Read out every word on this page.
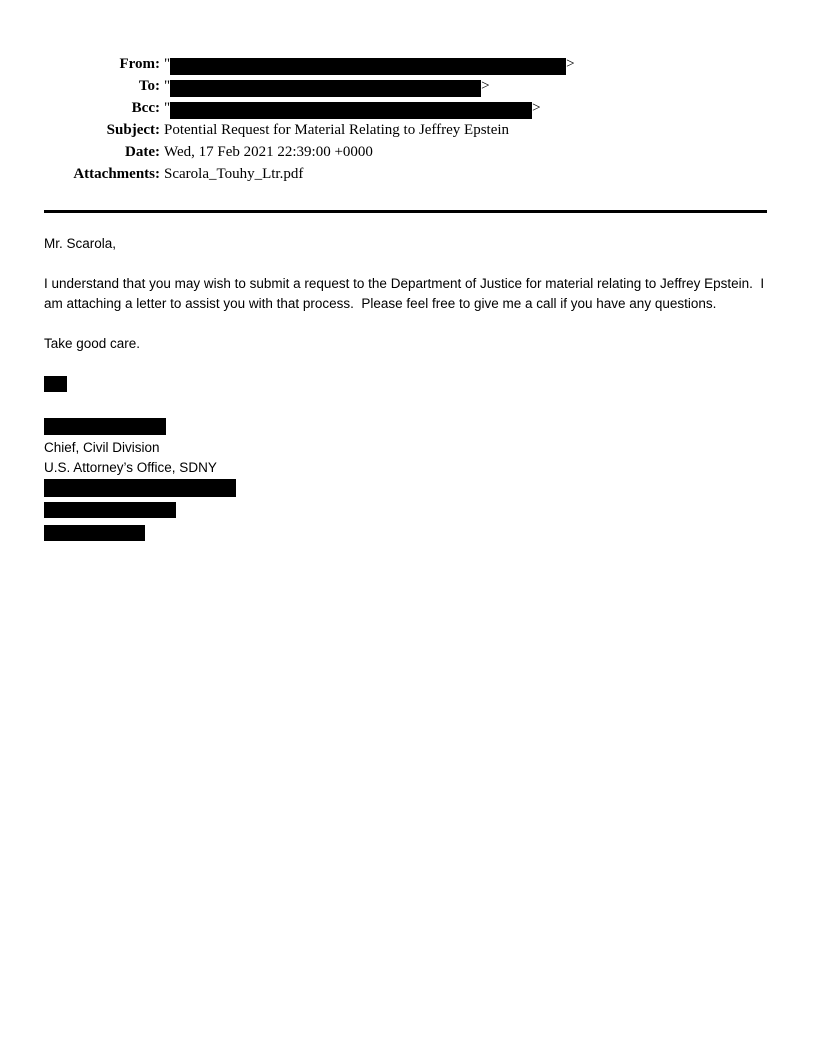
From: "	>
To: "	>
Bcc: "	>
Subject: Potential Request for Material Relating to Jeffrey Epstein
Date: Wed, 17 Feb 2021 22:39:00 +0000
Attachments: Scarola_Touhy_Ltr.pdf

Mr. Scarola,

I understand that you may wish to submit a request to the Department of Justice for material relating to Jeffrey Epstein.  I am attaching a letter to assist you with that process.  Please feel free to give me a call if you have any questions.

Take good care.

Chief, Civil Division
U.S. Attorney’s Office, SDNY
